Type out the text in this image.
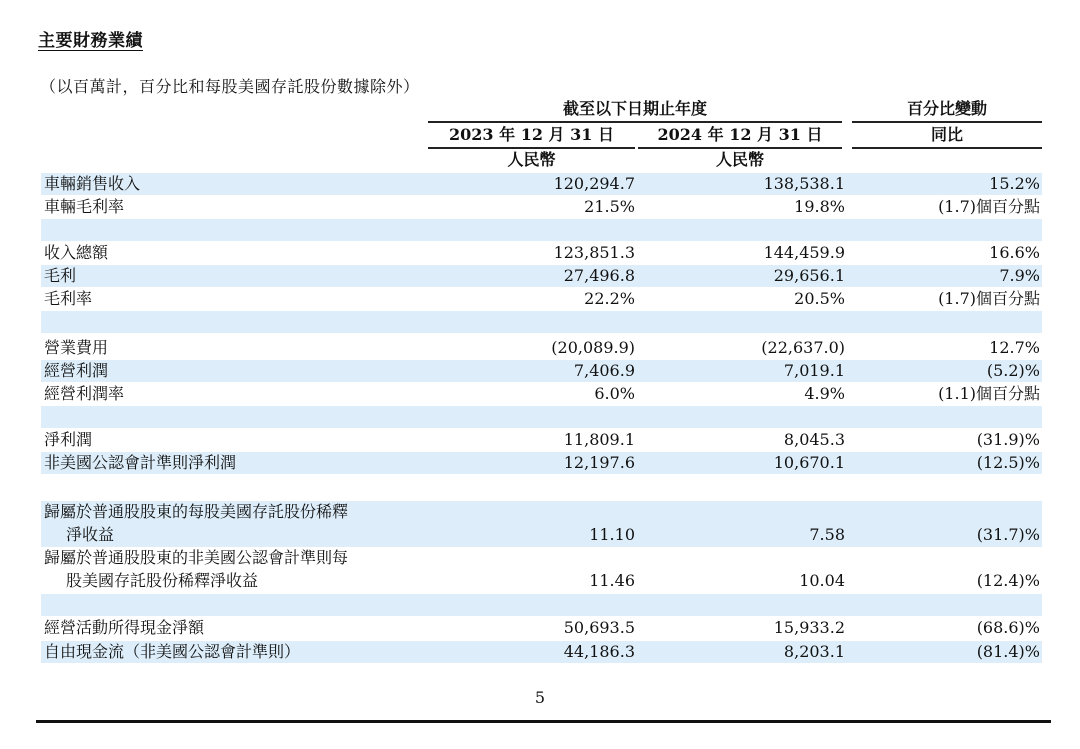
主要財務業績
（以百萬計，百分比和每股美國存託股份數據除外）
截至以下日期止年度	百分比變動
2023 年 12 月 31 日	2024 年 12 月 31 日	同比
人民幣	人民幣
車輛銷售收入	120,294.7	138,538.1	15.2%
車輛毛利率	21.5%	19.8%	(1.7)個百分點
收入總額	123,851.3	144,459.9	16.6%
毛利	27,496.8	29,656.1	7.9%
毛利率	22.2%	20.5%	(1.7)個百分點
營業費用	(20,089.9)	(22,637.0)	12.7%
經營利潤	7,406.9	7,019.1	(5.2)%
經營利潤率	6.0%	4.9%	(1.1)個百分點
淨利潤	11,809.1	8,045.3	(31.9)%
非美國公認會計準則淨利潤	12,197.6	10,670.1	(12.5)%
歸屬於普通股股東的每股美國存託股份稀釋
淨收益	11.10	7.58	(31.7)%
歸屬於普通股股東的非美國公認會計準則每
股美國存託股份稀釋淨收益	11.46	10.04	(12.4)%
經營活動所得現金淨額	50,693.5	15,933.2	(68.6)%
自由現金流（非美國公認會計準則）	44,186.3	8,203.1	(81.4)%
5
